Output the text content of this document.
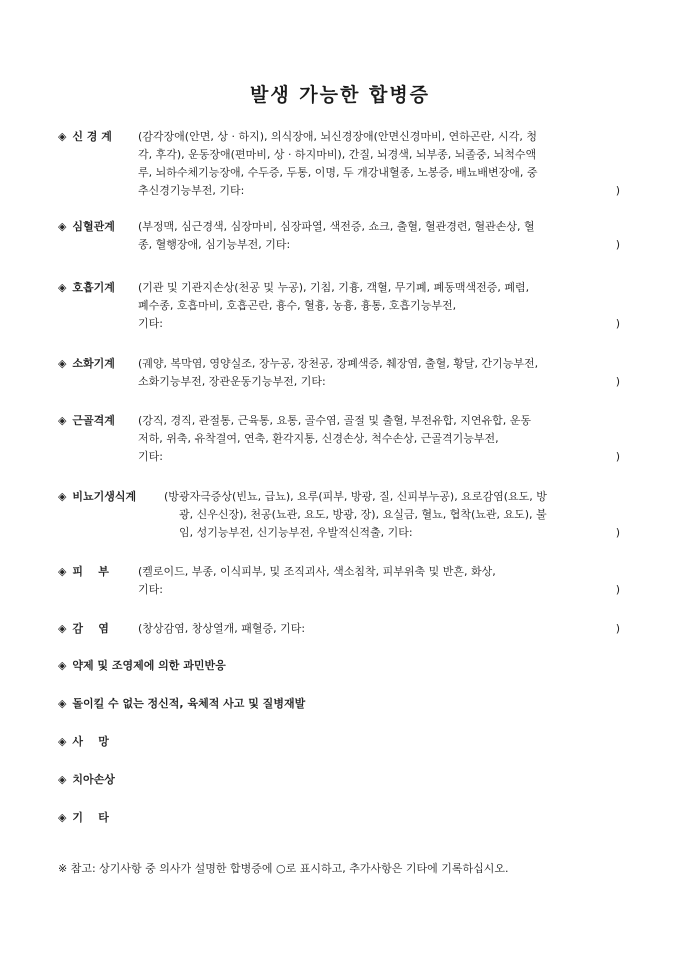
발생 가능한 합병증
◈ 신 경 계 (감각장애(안면, 상 · 하지), 의식장애, 뇌신경장애(안면신경마비, 연하곤란, 시각, 청
각, 후각), 운동장애(편마비, 상 · 하지마비), 간질, 뇌경색, 뇌부종, 뇌졸중, 뇌척수액
루, 뇌하수체기능장애, 수두증, 두통, 이명, 두 개강내혈종, 노봉증, 배뇨배변장애, 중
추신경기능부전, 기타:	)
◈ 심혈관계 (부정맥, 심근경색, 심장마비, 심장파열, 색전증, 쇼크, 출혈, 혈관경련, 혈관손상, 혈
종, 혈행장애, 심기능부전, 기타:	)
◈ 호흡기계 (기관 및 기관지손상(천공 및 누공), 기침, 기흉, 객혈, 무기폐, 폐동맥색전증, 폐렴,
폐수종, 호흡마비, 호흡곤란, 흉수, 혈흉, 농흉, 흉통, 호흡기능부전,
기타:	)
◈ 소화기계 (궤양, 복막염, 영양실조, 장누공, 장천공, 장폐색증, 췌장염, 출혈, 황달, 간기능부전,
소화기능부전, 장관운동기능부전, 기타:	)
◈ 근골격계 (강직, 경직, 관절통, 근육통, 요통, 골수염, 골절 및 출혈, 부전유합, 지연유합, 운동
저하, 위축, 유착결여, 연축, 환각지통, 신경손상, 척수손상, 근골격기능부전,
기타:	)
◈ 비뇨기생식계	(방광자극증상(빈뇨, 급뇨), 요루(피부, 방광, 질, 신피부누공), 요로감염(요도, 방
광, 신우신장), 천공(뇨관, 요도, 방광, 장), 요실금, 혈뇨, 협착(뇨관, 요도), 불
임, 성기능부전, 신기능부전, 우발적신적출, 기타:	)
◈ 피    부	(켈로이드, 부종, 이식피부, 및 조직괴사, 색소침착, 피부위축 및 반흔, 화상,
기타:	)
◈ 감    염	(창상감염, 창상열개, 패혈증, 기타:	)
◈ 약제 및 조영제에 의한 과민반응
◈ 돌이킬 수 없는 정신적, 육체적 사고 및 질병재발
◈ 사    망
◈ 치아손상
◈ 기    타
※ 참고: 상기사항 중 의사가 설명한 합병증에 ○로 표시하고, 추가사항은 기타에 기록하십시오.
